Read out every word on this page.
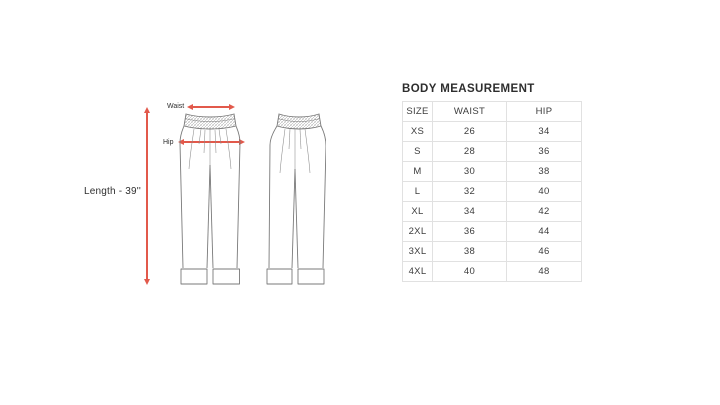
Length - 39''
Waist
Hip
BODY MEASUREMENT
SIZE	WAIST	HIP
XS	26	34
S	28	36
M	30	38
L	32	40
XL	34	42
2XL	36	44
3XL	38	46
4XL	40	48
